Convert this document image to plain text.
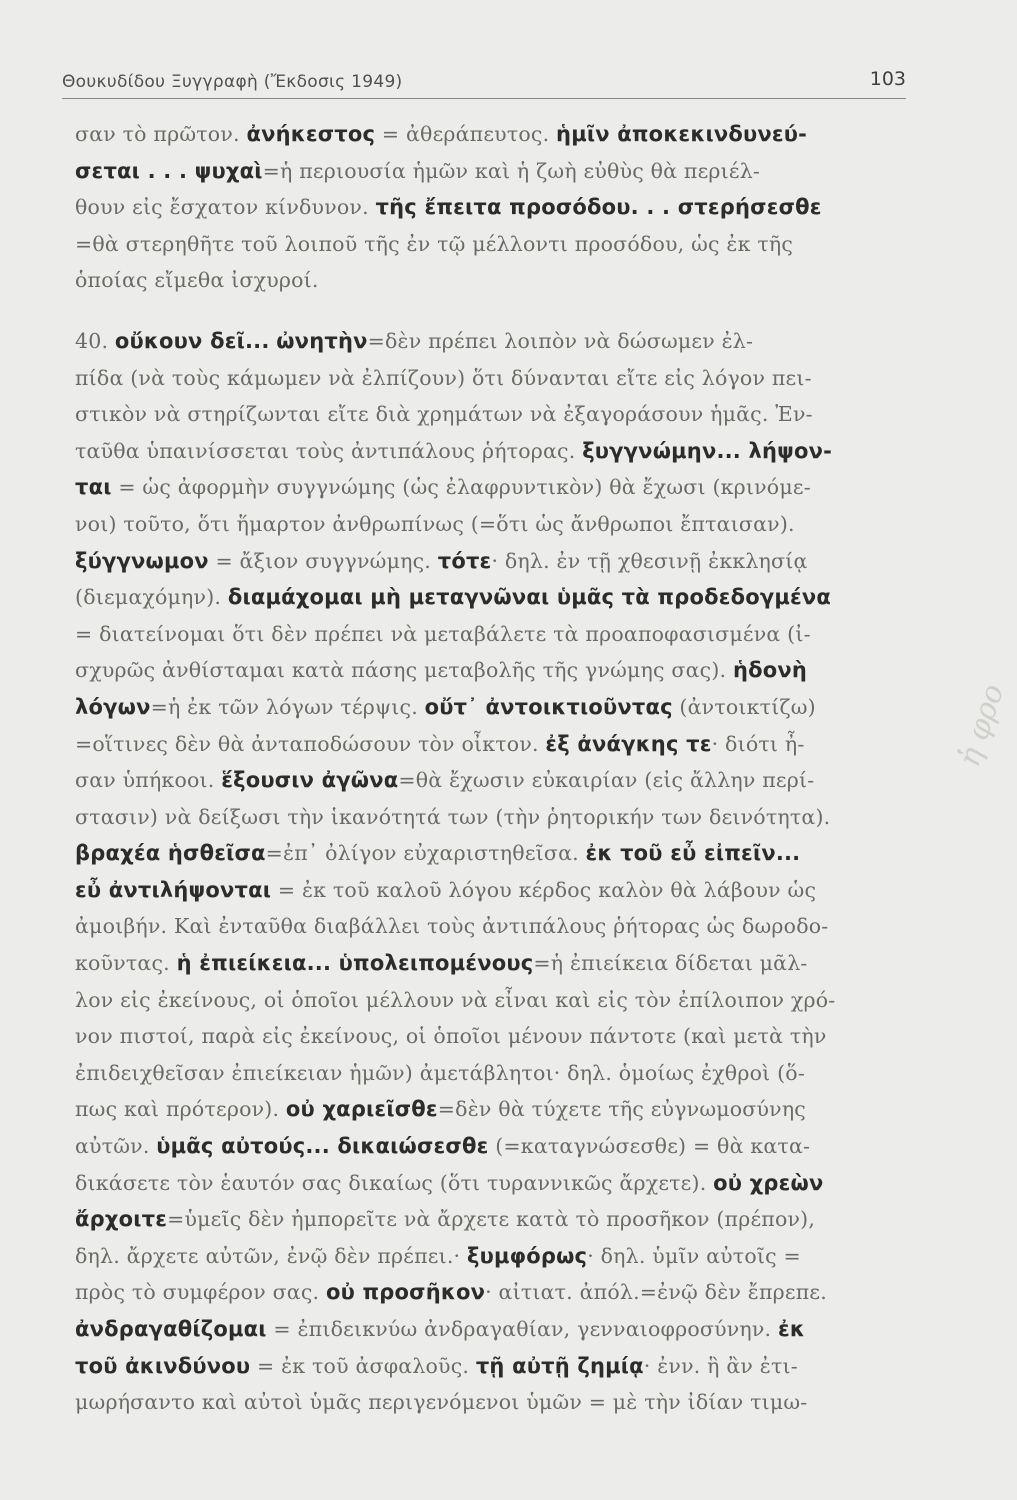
Θουκυδίδου Ξυγγραφὴ (Ἔκδοσις 1949)	103
σαν τὸ πρῶτον. ἀνήκεστος = ἀθεράπευτος. ἡμῖν ἀποκεκινδυνεύ-
σεται . . . ψυχαὶ=ἡ περιουσία ἡμῶν καὶ ἡ ζωὴ εὐθὺς θὰ περιέλ-
θουν εἰς ἔσχατον κίνδυνον. τῆς ἔπειτα προσόδου. . . στερήσεσθε
=θὰ στερηθῆτε τοῦ λοιποῦ τῆς ἐν τῷ μέλλοντι προσόδου, ὡς ἐκ τῆς
ὁποίας εἴμεθα ἰσχυροί.
40. οὔκουν δεῖ... ὠνητὴν=δὲν πρέπει λοιπὸν νὰ δώσωμεν ἐλ-
πίδα (νὰ τοὺς κάμωμεν νὰ ἐλπίζουν) ὅτι δύνανται εἴτε εἰς λόγον πει-
στικὸν νὰ στηρίζωνται εἴτε διὰ χρημάτων νὰ ἐξαγοράσουν ἡμᾶς. Ἐν-
ταῦθα ὑπαινίσσεται τοὺς ἀντιπάλους ῥήτορας. ξυγγνώμην... λήψον-
ται = ὡς ἀφορμὴν συγγνώμης (ὡς ἐλαφρυντικὸν) θὰ ἔχωσι (κρινόμε-
νοι) τοῦτο, ὅτι ἥμαρτον ἀνθρωπίνως (=ὅτι ὡς ἄνθρωποι ἔπταισαν).
ξύγγνωμον = ἄξιον συγγνώμης. τότε· δηλ. ἐν τῇ χθεσινῇ ἐκκλησίᾳ
(διεμαχόμην). διαμάχομαι μὴ μεταγνῶναι ὑμᾶς τὰ προδεδογμένα
= διατείνομαι ὅτι δὲν πρέπει νὰ μεταβάλετε τὰ προαποφασισμένα (ἰ-
σχυρῶς ἀνθίσταμαι κατὰ πάσης μεταβολῆς τῆς γνώμης σας). ἡδονὴ
λόγων=ἡ ἐκ τῶν λόγων τέρψις. οὔτ᾽ ἀντοικτιοῦντας (ἀντοικτίζω)
=οἵτινες δὲν θὰ ἀνταποδώσουν τὸν οἶκτον. ἐξ ἀνάγκης τε· διότι ἦ-
σαν ὑπήκοοι. ἕξουσιν ἀγῶνα=θὰ ἔχωσιν εὐκαιρίαν (εἰς ἄλλην περί-
στασιν) νὰ δείξωσι τὴν ἱκανότητά των (τὴν ῥητορικήν των δεινότητα).
βραχέα ἡσθεῖσα=ἐπ᾽ ὀλίγον εὐχαριστηθεῖσα. ἐκ τοῦ εὖ εἰπεῖν...
εὖ ἀντιλήψονται = ἐκ τοῦ καλοῦ λόγου κέρδος καλὸν θὰ λάβουν ὡς
ἀμοιβήν. Καὶ ἐνταῦθα διαβάλλει τοὺς ἀντιπάλους ῥήτορας ὡς δωροδο-
κοῦντας. ἡ ἐπιείκεια... ὑπολειπομένους=ἡ ἐπιείκεια δίδεται μᾶλ-
λον εἰς ἐκείνους, οἱ ὁποῖοι μέλλουν νὰ εἶναι καὶ εἰς τὸν ἐπίλοιπον χρό-
νον πιστοί, παρὰ εἰς ἐκείνους, οἱ ὁποῖοι μένουν πάντοτε (καὶ μετὰ τὴν
ἐπιδειχθεῖσαν ἐπιείκειαν ἡμῶν) ἀμετάβλητοι· δηλ. ὁμοίως ἐχθροὶ (ὅ-
πως καὶ πρότερον). οὐ χαριεῖσθε=δὲν θὰ τύχετε τῆς εὐγνωμοσύνης
αὐτῶν. ὑμᾶς αὐτούς... δικαιώσεσθε (=καταγνώσεσθε) = θὰ κατα-
δικάσετε τὸν ἑαυτόν σας δικαίως (ὅτι τυραννικῶς ἄρχετε). οὐ χρεὼν
ἄρχοιτε=ὑμεῖς δὲν ἠμπορεῖτε νὰ ἄρχετε κατὰ τὸ προσῆκον (πρέπον),
δηλ. ἄρχετε αὐτῶν, ἐνῷ δὲν πρέπει.· ξυμφόρως· δηλ. ὑμῖν αὐτοῖς =
πρὸς τὸ συμφέρον σας. οὐ προσῆκον· αἰτιατ. ἀπόλ.=ἐνῷ δὲν ἔπρεπε.
ἀνδραγαθίζομαι = ἐπιδεικνύω ἀνδραγαθίαν, γενναιοφροσύνην. ἐκ
τοῦ ἀκινδύνου = ἐκ τοῦ ἀσφαλοῦς. τῇ αὐτῇ ζημίᾳ· ἐνν. ἣ ἂν ἐτι-
μωρήσαντο καὶ αὐτοὶ ὑμᾶς περιγενόμενοι ὑμῶν = μὲ τὴν ἰδίαν τιμω-
ἡ φρο
